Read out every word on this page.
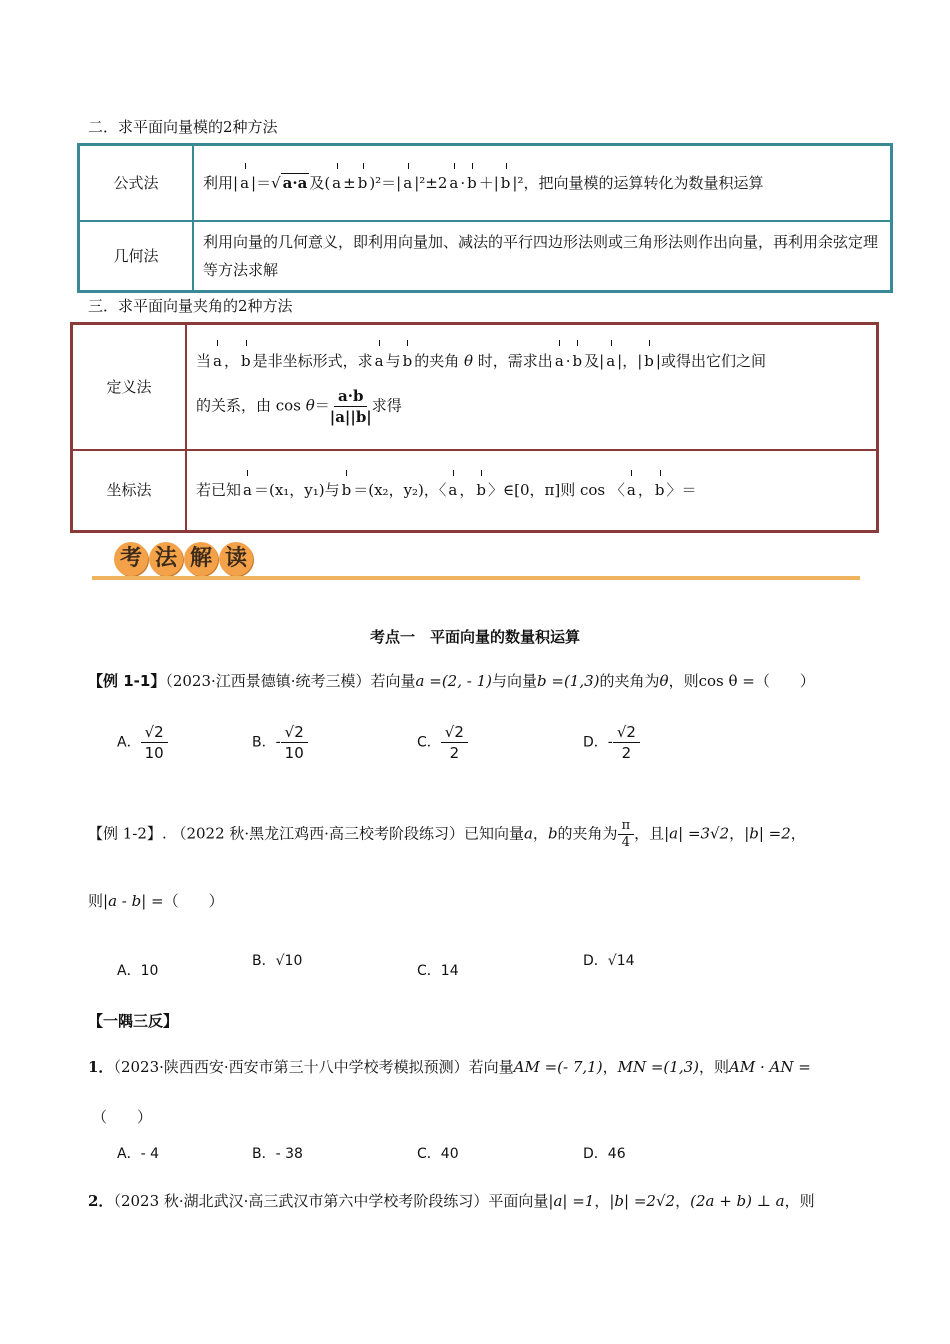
二．求平面向量模的2种方法
公式法	利用| a |＝√ a·a 及( a ± b )²＝| a |²±2 a · b ＋| b |²，把向量模的运算转化为数量积运算
几何法	利用向量的几何意义，即利用向量加、减法的平行四边形法则或三角形法则作出向量，再利用余弦定理等方法求解
三．求平面向量夹角的2种方法
定义法	当 a ， b 是非坐标形式，求 a 与 b 的夹角 θ 时，需求出 a · b 及| a |，| b |或得出它们之间
的关系，由 $\cos \theta= \frac{a\cdot b}{|a||b|}$ 求得

坐标法	若已知 a ＝(x₁，y₁)与 b ＝(x₂，y₂)，〈 a ， b 〉∈[0，π]则 cos 〈 a ， b 〉＝
考 法 解 读
考点一　平面向量的数量积运算
【例 1-1】（2023·江西景德镇·统考三模）若向量a =(2, - 1)与向量b =(1,3)的夹角为θ，则cos θ =（　　）
A． $\frac{√2}{10}$	B．- $\frac{√2}{10}$	C． $\frac{√2}{2}$	D．- $\frac{√2}{2}$
【例 1-2】. （2022 秋·黑龙江鸡西·高三校考阶段练习）已知向量a，b的夹角为 $\frac{\pi}{4}$ ，且|a| =3√2，|b| =2，
则|a - b| =（　　）
A．10
B．√10
C．14
D．√14
【一隅三反】
1．（2023·陕西西安·西安市第三十八中学校考模拟预测）若向量AM =(- 7,1)，MN =(1,3)，则AM · AN =
（　　）
A．- 4	B．- 38	C．40	D．46
2．（2023 秋·湖北武汉·高三武汉市第六中学校考阶段练习）平面向量|a| =1，|b| =2√2，(2a + b) ⊥ a，则
